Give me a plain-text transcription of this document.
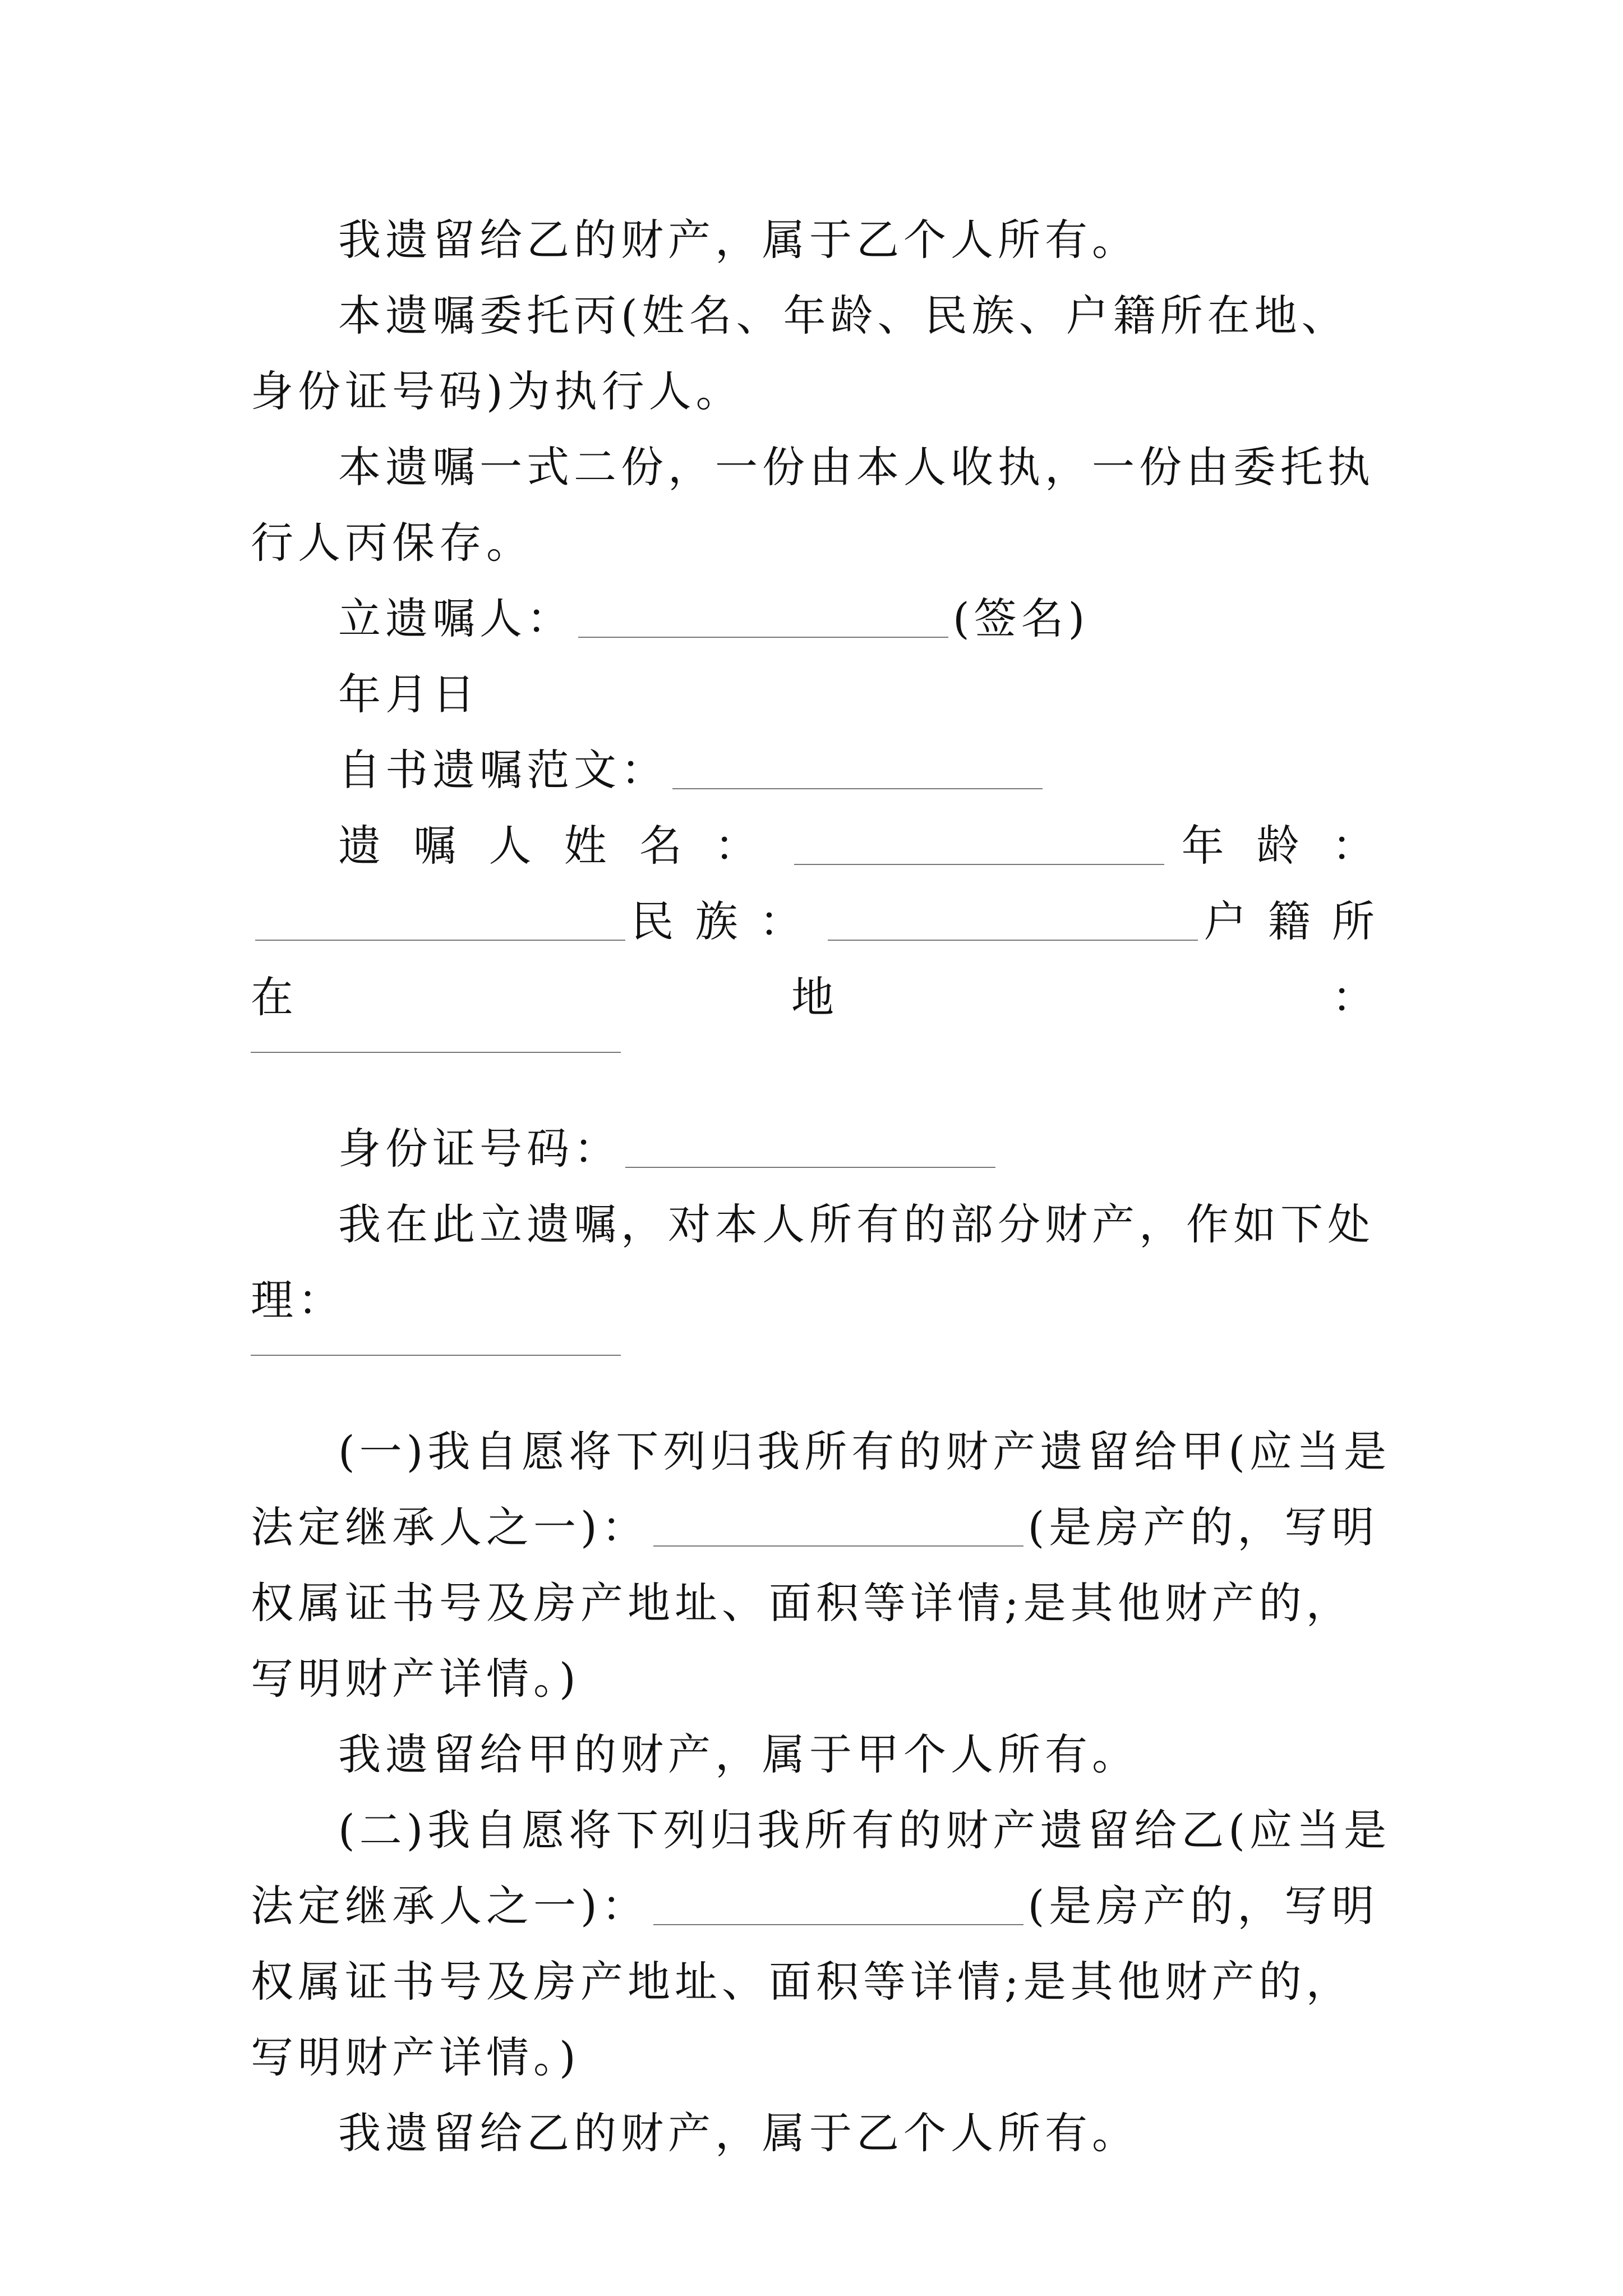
我遗留给乙的财产，属于乙个人所有。

本遗嘱委托丙(姓名、年龄、民族、户籍所在地、身份证号码)为执行人。

本遗嘱一式二份，一份由本人收执，一份由委托执行人丙保存。

立遗嘱人：	(签名)

年月日

自书遗嘱范文：

遗嘱人姓名：	年龄：民族：	户籍所在地：

身份证号码：

我在此立遗嘱，对本人所有的部分财产，作如下处理：

(一)我自愿将下列归我所有的财产遗留给甲(应当是法定继承人之一)：	(是房产的，写明权属证书号及房产地址、面积等详情;是其他财产的，写明财产详情。)

我遗留给甲的财产，属于甲个人所有。

(二)我自愿将下列归我所有的财产遗留给乙(应当是法定继承人之一)：	(是房产的，写明权属证书号及房产地址、面积等详情;是其他财产的，写明财产详情。)

我遗留给乙的财产，属于乙个人所有。
